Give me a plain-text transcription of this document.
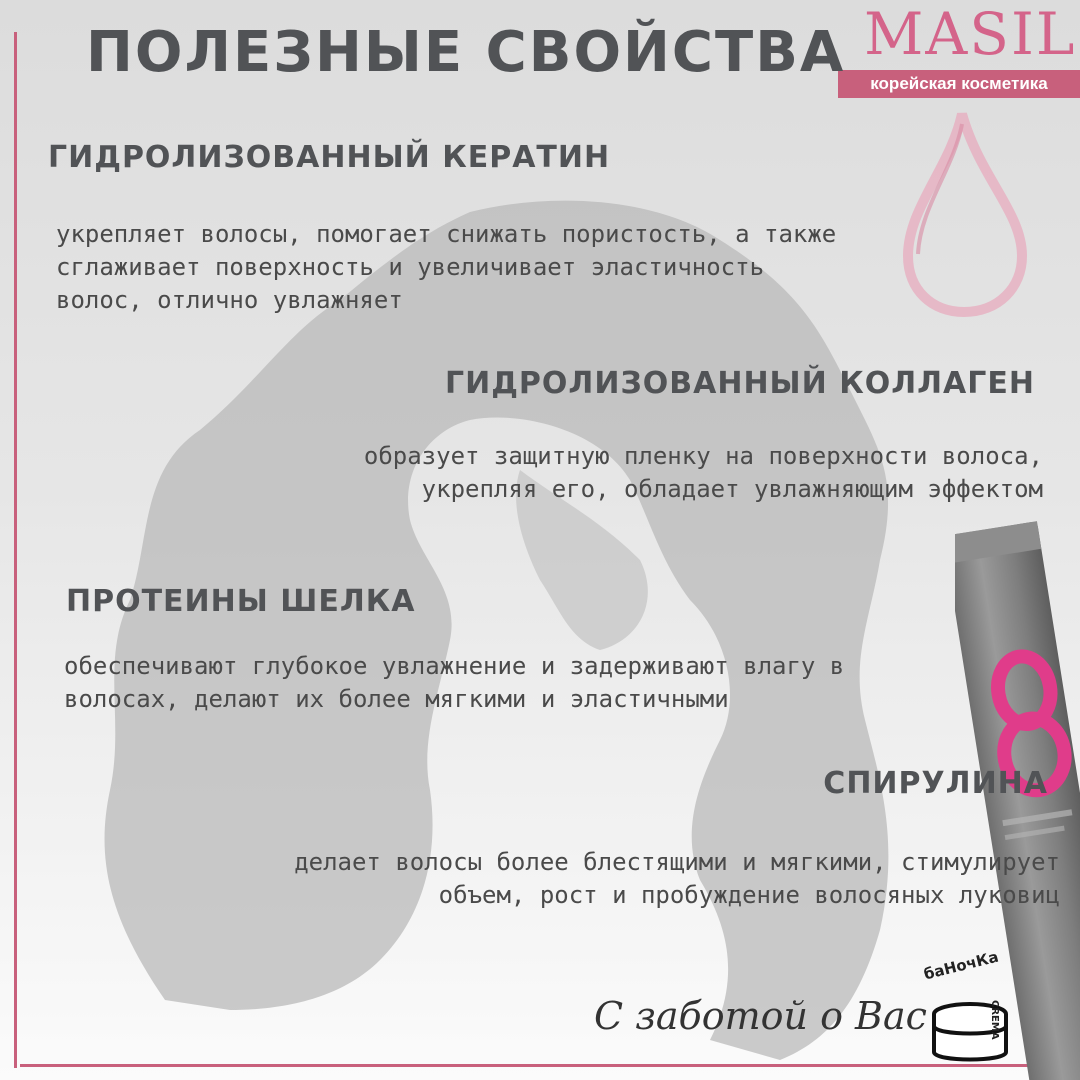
MASIL
корейская косметика
ПОЛЕЗНЫЕ СВОЙСТВА
ГИДРОЛИЗОВАННЫЙ КЕРАТИН
укрепляет волосы, помогает снижать пористость, а также
сглаживает поверхность и увеличивает эластичность
волос, отлично увлажняет
ГИДРОЛИЗОВАННЫЙ КОЛЛАГЕН
образует защитную пленку на поверхности волоса,
укрепляя его, обладает увлажняющим эффектом
ПРОТЕИНЫ ШЕЛКА
обеспечивают глубокое увлажнение и задерживают влагу в
волосах, делают их более мягкими и эластичными
СПИРУЛИНА
делает волосы более блестящими и мягкими, стимулирует
объем, рост и пробуждение волосяных луковиц
С заботой о Вас
баНочКа
CREMA
